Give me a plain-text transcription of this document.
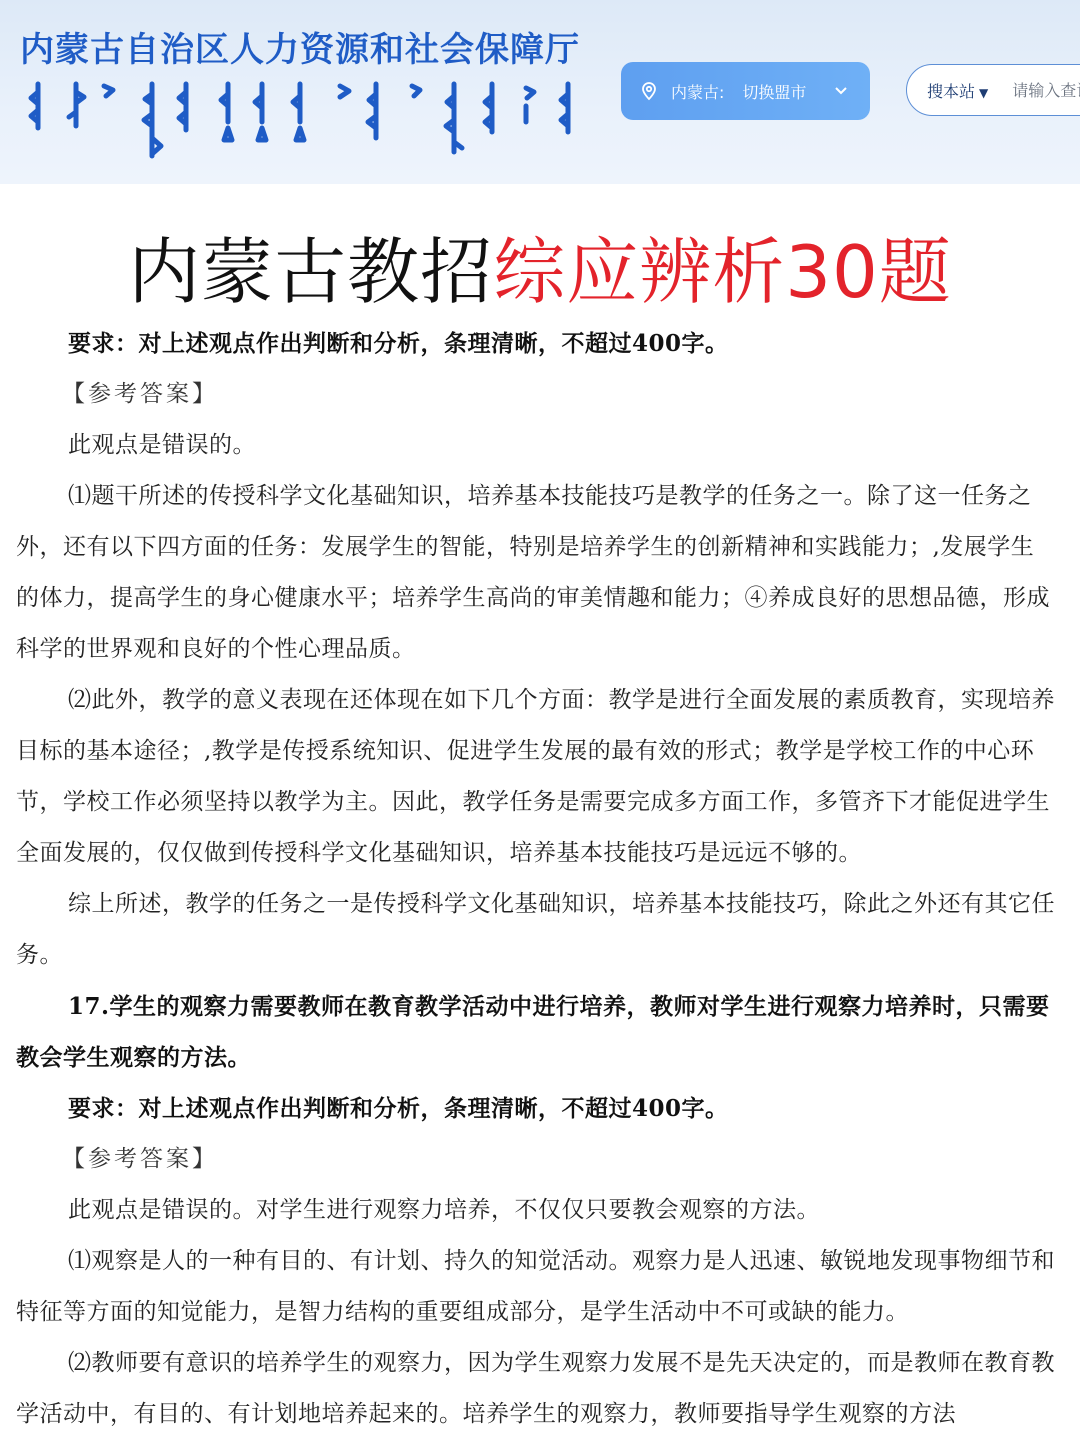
内蒙古自治区人力资源和社会保障厅
内蒙古: 切换盟市	搜本站 ▼
请输入查询内容
内蒙古教招综应辨析30题

要求：对上述观点作出判断和分析，条理清晰，不超过400字。

【参考答案】

此观点是错误的。

⑴题干所述的传授科学文化基础知识，培养基本技能技巧是教学的任务之一。除了这一任务之外，还有以下四方面的任务：发展学生的智能，特别是培养学生的创新精神和实践能力；,发展学生的体力，提高学生的身心健康水平；培养学生高尚的审美情趣和能力；④养成良好的思想品德，形成科学的世界观和良好的个性心理品质。

⑵此外，教学的意义表现在还体现在如下几个方面：教学是进行全面发展的素质教育，实现培养目标的基本途径；,教学是传授系统知识、促进学生发展的最有效的形式；教学是学校工作的中心环节，学校工作必须坚持以教学为主。因此，教学任务是需要完成多方面工作，多管齐下才能促进学生全面发展的，仅仅做到传授科学文化基础知识，培养基本技能技巧是远远不够的。

综上所述，教学的任务之一是传授科学文化基础知识，培养基本技能技巧，除此之外还有其它任务。

17.学生的观察力需要教师在教育教学活动中进行培养，教师对学生进行观察力培养时，只需要教会学生观察的方法。

要求：对上述观点作出判断和分析，条理清晰，不超过400字。

【参考答案】

此观点是错误的。对学生进行观察力培养，不仅仅只要教会观察的方法。

⑴观察是人的一种有目的、有计划、持久的知觉活动。观察力是人迅速、敏锐地发现事物细节和特征等方面的知觉能力，是智力结构的重要组成部分，是学生活动中不可或缺的能力。

⑵教师要有意识的培养学生的观察力，因为学生观察力发展不是先天决定的，而是教师在教育教学活动中，有目的、有计划地培养起来的。培养学生的观察力，教师要指导学生观察的方法
